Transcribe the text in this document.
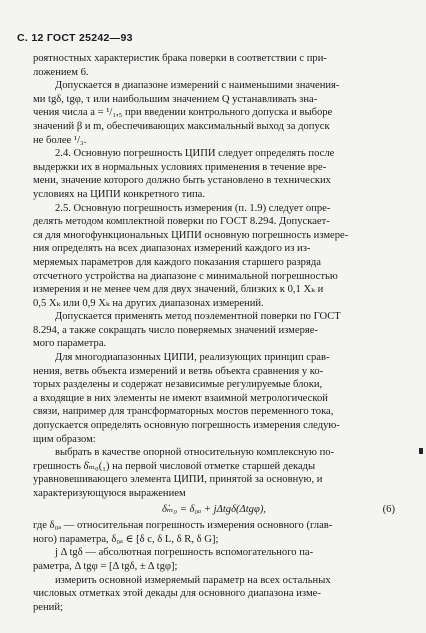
С. 12 ГОСТ 25242—93
роятностных характеристик брака поверки в соответствии с при-
ложением 6.
Допускается в диапазоне измерений с наименьшими значения-
ми tgδ, tgφ, τ или наибольшим значением Q устанавливать зна-
чения числа a = ¹/₁,₅ при введении контрольного допуска и выборе
значений β и m, обеспечивающих максимальный выход за допуск
не более ¹/₃.
2.4. Основную погрешность ЦИПИ следует определять после
выдержки их в нормальных условиях применения в течение вре-
мени, значение которого должно быть установлено в технических
условиях на ЦИПИ конкретного типа.
2.5. Основную погрешность измерения (п. 1.9) следует опре-
делять методом комплектной поверки по ГОСТ 8.294. Допускает-
ся для многофункциональных ЦИПИ основную погрешность измере-
ния определять на всех диапазонах измерений каждого из из-
меряемых параметров для каждого показания старшего разряда
отсчетного устройства на диапазоне с минимальной погрешностью
измерения и не менее чем для двух значений, близких к 0,1 Xₖ и
0,5 Xₖ или 0,9 Xₖ на других диапазонах измерений.
Допускается применять метод поэлементной поверки по ГОСТ
8.294, а также сокращать число поверяемых значений измеряе-
мого параметра.
Для многодиапазонных ЦИПИ, реализующих принцип срав-
нения, ветвь объекта измерений и ветвь объекта сравнения у ко-
торых разделены и содержат независимые регулируемые блоки,
а входящие в них элементы не имеют взаимной метрологической
связи, например для трансформаторных мостов переменного тока,
допускается определять основную погрешность измерения следую-
щим образом:
выбрать в качестве опорной относительную комплексную по-
грешность δ̇ₘ₀(₁) на первой числовой отметке старшей декады
уравновешивающего элемента ЦИПИ, принятой за основную, и
характеризующуюся выражением
δ̇ₘ₀ = δ₀ₐ + jΔtgδ(Δtgφ),	(6)
где δ₀ₐ — относительная погрешность измерения основного (глав-
ного) параметра, δ₀ₐ ∈ [δ c, δ L, δ R, δ G];
j Δ tgδ — абсолютная погрешность вспомогательного па-
раметра, Δ tgφ = [Δ tgδ, ± Δ tgφ];
измерить основной измеряемый параметр на всех остальных
числовых отметках этой декады для основного диапазона изме-
рений;
